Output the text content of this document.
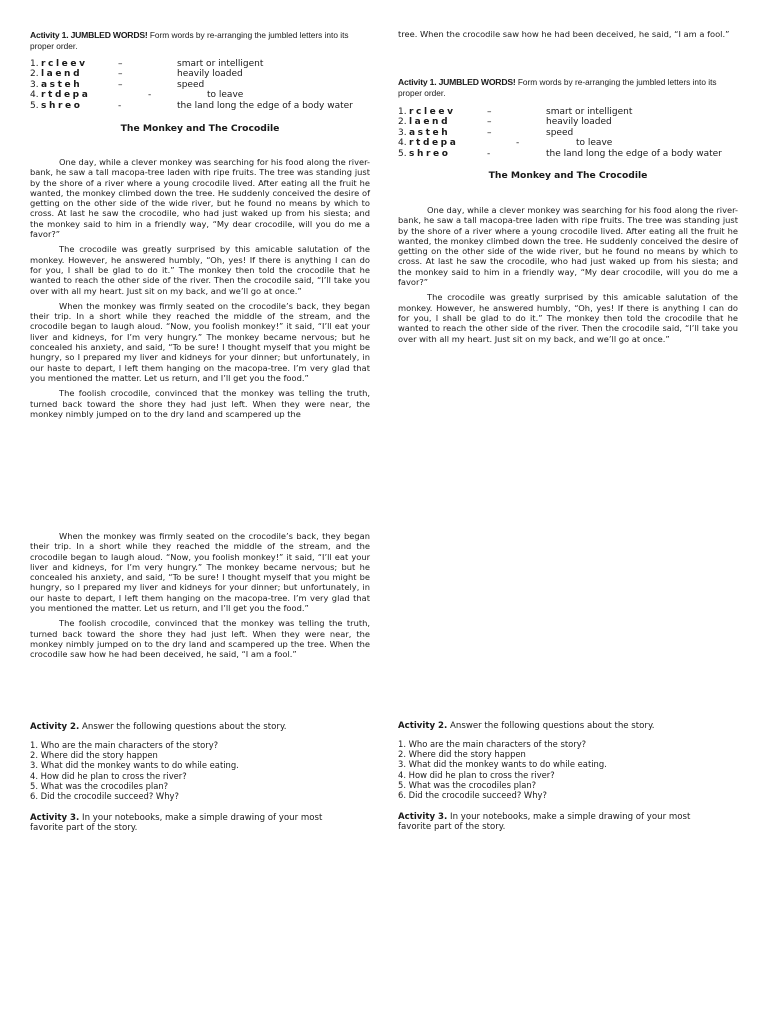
Activity 1. JUMBLED WORDS! Form words by re-arranging the jumbled letters into its proper order.
1. rcleev	–	smart or intelligent
2. laend	–	heavily loaded
3. asteh	–	speed
4. rtdepa	-	to leave
5. shreo	-	the land long the edge of a body water
The Monkey and The Crocodile

One day, while a clever monkey was searching for his food along the river-bank, he saw a tall macopa-tree laden with ripe fruits. The tree was standing just by the shore of a river where a young crocodile lived. After eating all the fruit he wanted, the monkey climbed down the tree. He suddenly conceived the desire of getting on the other side of the wide river, but he found no means by which to cross. At last he saw the crocodile, who had just waked up from his siesta; and the monkey said to him in a friendly way, “My dear crocodile, will you do me a favor?”

The crocodile was greatly surprised by this amicable salutation of the monkey. However, he answered humbly, “Oh, yes! If there is anything I can do for you, I shall be glad to do it.” The monkey then told the crocodile that he wanted to reach the other side of the river. Then the crocodile said, “I’ll take you over with all my heart. Just sit on my back, and we’ll go at once.”

When the monkey was firmly seated on the crocodile’s back, they began their trip. In a short while they reached the middle of the stream, and the crocodile began to laugh aloud. “Now, you foolish monkey!” it said, “I’ll eat your liver and kidneys, for I’m very hungry.” The monkey became nervous; but he concealed his anxiety, and said, “To be sure! I thought myself that you might be hungry, so I prepared my liver and kidneys for your dinner; but unfortunately, in our haste to depart, I left them hanging on the macopa-tree. I’m very glad that you mentioned the matter. Let us return, and I’ll get you the food.”

The foolish crocodile, convinced that the monkey was telling the truth, turned back toward the shore they had just left. When they were near, the monkey nimbly jumped on to the dry land and scampered up the

When the monkey was firmly seated on the crocodile’s back, they began their trip. In a short while they reached the middle of the stream, and the crocodile began to laugh aloud. “Now, you foolish monkey!” it said, “I’ll eat your liver and kidneys, for I’m very hungry.” The monkey became nervous; but he concealed his anxiety, and said, “To be sure! I thought myself that you might be hungry, so I prepared my liver and kidneys for your dinner; but unfortunately, in our haste to depart, I left them hanging on the macopa-tree. I’m very glad that you mentioned the matter. Let us return, and I’ll get you the food.”

The foolish crocodile, convinced that the monkey was telling the truth, turned back toward the shore they had just left. When they were near, the monkey nimbly jumped on to the dry land and scampered up the tree. When the crocodile saw how he had been deceived, he said, “I am a fool.”

Activity 2. Answer the following questions about the story.
1. Who are the main characters of the story?
2. Where did the story happen
3. What did the monkey wants to do while eating.
4. How did he plan to cross the river?
5. What was the crocodiles plan?
6. Did the crocodile succeed? Why?
Activity 3. In your notebooks, make a simple drawing of your most favorite part of the story.

tree. When the crocodile saw how he had been deceived, he said, “I am a fool.”

Activity 1. JUMBLED WORDS! Form words by re-arranging the jumbled letters into its proper order.
1. rcleev	–	smart or intelligent
2. laend	–	heavily loaded
3. asteh	–	speed
4. rtdepa	-	to leave
5. shreo	-	the land long the edge of a body water
The Monkey and The Crocodile

One day, while a clever monkey was searching for his food along the river-bank, he saw a tall macopa-tree laden with ripe fruits. The tree was standing just by the shore of a river where a young crocodile lived. After eating all the fruit he wanted, the monkey climbed down the tree. He suddenly conceived the desire of getting on the other side of the wide river, but he found no means by which to cross. At last he saw the crocodile, who had just waked up from his siesta; and the monkey said to him in a friendly way, “My dear crocodile, will you do me a favor?”

The crocodile was greatly surprised by this amicable salutation of the monkey. However, he answered humbly, “Oh, yes! If there is anything I can do for you, I shall be glad to do it.” The monkey then told the crocodile that he wanted to reach the other side of the river. Then the crocodile said, “I’ll take you over with all my heart. Just sit on my back, and we’ll go at once.”

Activity 2. Answer the following questions about the story.
1. Who are the main characters of the story?
2. Where did the story happen
3. What did the monkey wants to do while eating.
4. How did he plan to cross the river?
5. What was the crocodiles plan?
6. Did the crocodile succeed? Why?
Activity 3. In your notebooks, make a simple drawing of your most favorite part of the story.
